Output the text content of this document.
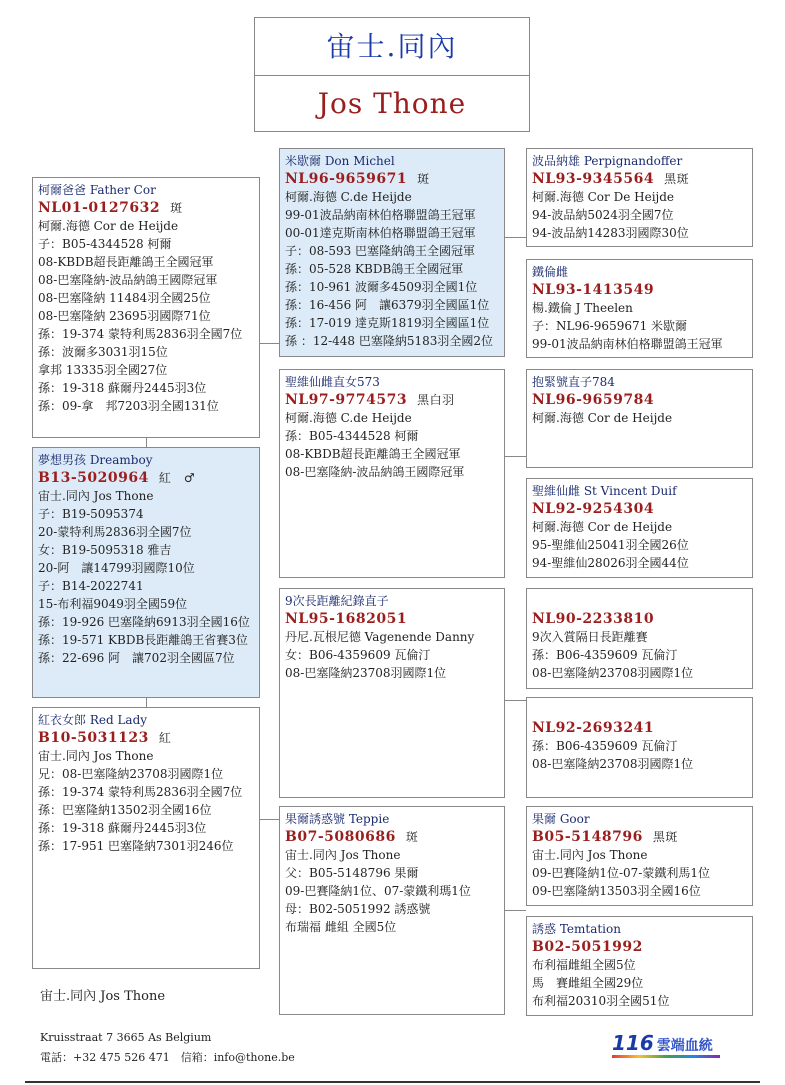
宙士.同內
Jos Thone
柯爾爸爸 Father Cor
NL01-0127632 斑
柯爾.海德 Cor de Heijde
子：B05-4344528 柯爾
08-KBDB超長距離鴿王全國冠軍
08-巴塞隆納-波品納鴿王國際冠軍
08-巴塞隆納 11484羽全國25位
08-巴塞隆納 23695羽國際71位
孫：19-374 蒙特利馬2836羽全國7位
孫：波爾多3031羽15位
拿邦 13335羽全國27位
孫：19-318 蘇爾丹2445羽3位
孫：09-拿　邦7203羽全國131位
夢想男孩 Dreamboy
B13-5020964 紅　♂
宙士.同內 Jos Thone
子：B19-5095374
20-蒙特利馬2836羽全國7位
女：B19-5095318 雅吉
20-阿　讓14799羽國際10位
子：B14-2022741
15-布利福9049羽全國59位
孫：19-926 巴塞隆納6913羽全國16位
孫：19-571 KBDB長距離鴿王省賽3位
孫：22-696 阿　讓702羽全國區7位
紅衣女郎 Red Lady
B10-5031123 紅
宙士.同內 Jos Thone
兄：08-巴塞隆納23708羽國際1位
孫：19-374 蒙特利馬2836羽全國7位
孫：巴塞隆納13502羽全國16位
孫：19-318 蘇爾丹2445羽3位
孫：17-951 巴塞隆納7301羽246位
米歇爾 Don Michel
NL96-9659671 斑
柯爾.海德 C.de Heijde
99-01波品納南林伯格聯盟鴿王冠軍
00-01達克斯南林伯格聯盟鴿王冠軍
子：08-593 巴塞隆納鴿王全國冠軍
孫：05-528 KBDB鴿王全國冠軍
孫：10-961 波爾多4509羽全國1位
孫：16-456 阿　讓6379羽全國區1位
孫：17-019 達克斯1819羽全國區1位
孫 ：12-448 巴塞隆納5183羽全國2位
聖維仙雌直女573
NL97-9774573 黑白羽
柯爾.海德 C.de Heijde
孫：B05-4344528 柯爾
08-KBDB超長距離鴿王全國冠軍
08-巴塞隆納-波品納鴿王國際冠軍
9次長距離紀錄直子
NL95-1682051
丹尼.瓦根尼德 Vagenende Danny
女：B06-4359609 瓦倫汀
08-巴塞隆納23708羽國際1位
果爾誘惑號 Teppie
B07-5080686 斑
宙士.同內 Jos Thone
父：B05-5148796 果爾
09-巴賽隆納1位、07-蒙鐵利瑪1位
母：B02-5051992 誘惑號
布瑞福 雌組 全國5位
波品納雄 Perpignandoffer
NL93-9345564 黑斑
柯爾.海德 Cor De Heijde
94-波品納5024羽全國7位
94-波品納14283羽國際30位
鐵倫雌
NL93-1413549
楊.鐵倫 J Theelen
子：NL96-9659671 米歇爾
99-01波品納南林伯格聯盟鴿王冠軍
抱緊號直子784
NL96-9659784
柯爾.海德 Cor de Heijde
聖維仙雌 St Vincent Duif
NL92-9254304
柯爾.海德 Cor de Heijde
95-聖維仙25041羽全國26位
94-聖維仙28026羽全國44位
NL90-2233810
9次入賞隔日長距離賽
孫：B06-4359609 瓦倫汀
08-巴塞隆納23708羽國際1位
NL92-2693241
孫：B06-4359609 瓦倫汀
08-巴塞隆納23708羽國際1位
果爾 Goor
B05-5148796 黑斑
宙士.同內 Jos Thone
09-巴賽隆納1位-07-蒙鐵利馬1位
09-巴塞隆納13503羽全國16位
誘惑 Temtation
B02-5051992
布利福雌組全國5位
馬　賽雌組全國29位
布利福20310羽全國51位
宙士.同內 Jos Thone
Kruisstraat 7 3665 As Belgium
電話：+32 475 526 471　信箱：info@thone.be
116 雲端血統
